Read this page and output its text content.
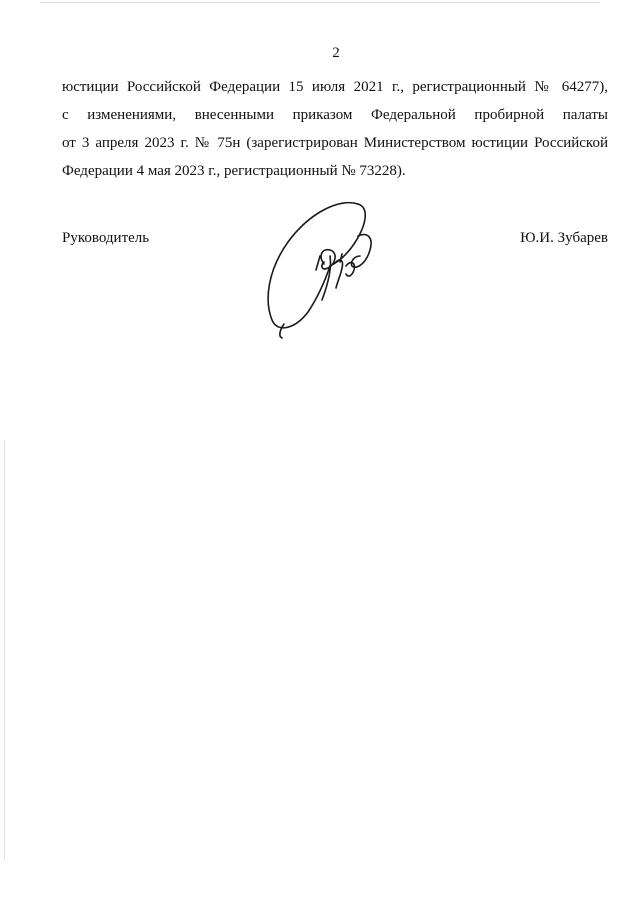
2
юстиции Российской Федерации 15 июля 2021 г., регистрационный № 64277),
с изменениями, внесенными приказом Федеральной пробирной палаты
от 3 апреля 2023 г. № 75н (зарегистрирован Министерством юстиции Российской
Федерации 4 мая 2023 г., регистрационный № 73228).
Руководитель	Ю.И. Зубарев
